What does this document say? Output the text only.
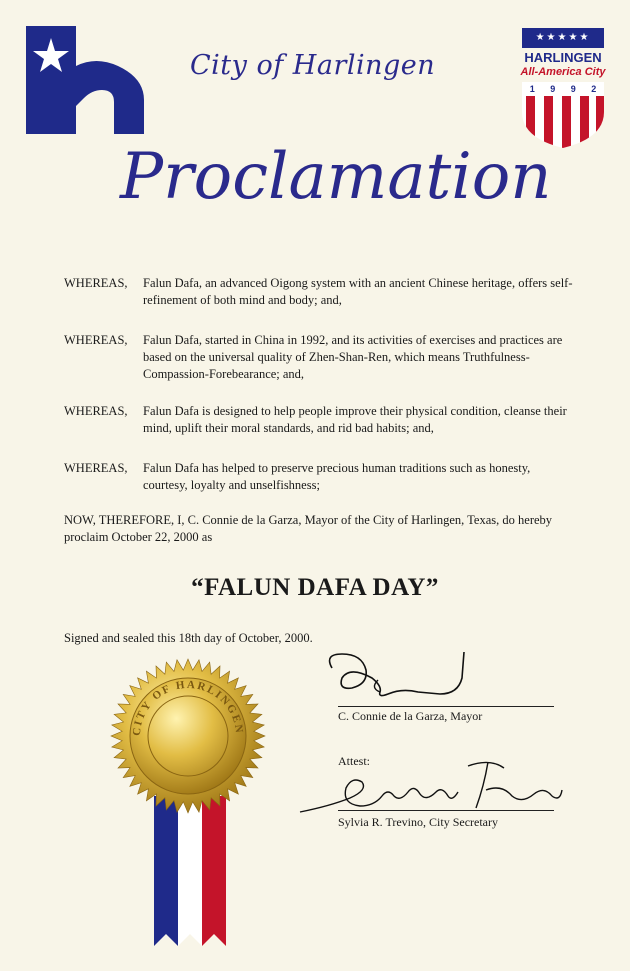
City of Harlingen
★★★★★
HARLINGEN
All-America City
1 9 9 2
Proclamation
WHEREAS,	Falun Dafa, an advanced Oigong system with an ancient Chinese heritage, offers self-refinement of both mind and body; and,
WHEREAS,	Falun Dafa, started in China in 1992, and its activities of exercises and practices are based on the universal quality of Zhen-Shan-Ren, which means Truthfulness-Compassion-Forebearance; and,
WHEREAS,	Falun Dafa is designed to help people improve their physical condition, cleanse their mind, uplift their moral standards, and rid bad habits; and,
WHEREAS,	Falun Dafa has helped to preserve precious human traditions such as honesty, courtesy, loyalty and unselfishness;
NOW, THEREFORE, I, C. Connie de la Garza, Mayor of the City of Harlingen, Texas, do hereby proclaim October 22, 2000 as
“FALUN DAFA DAY”
Signed and sealed this 18th day of October, 2000.
C. Connie de la Garza, Mayor
Attest:
Sylvia R. Trevino, City Secretary
CITY OF HARLINGEN
